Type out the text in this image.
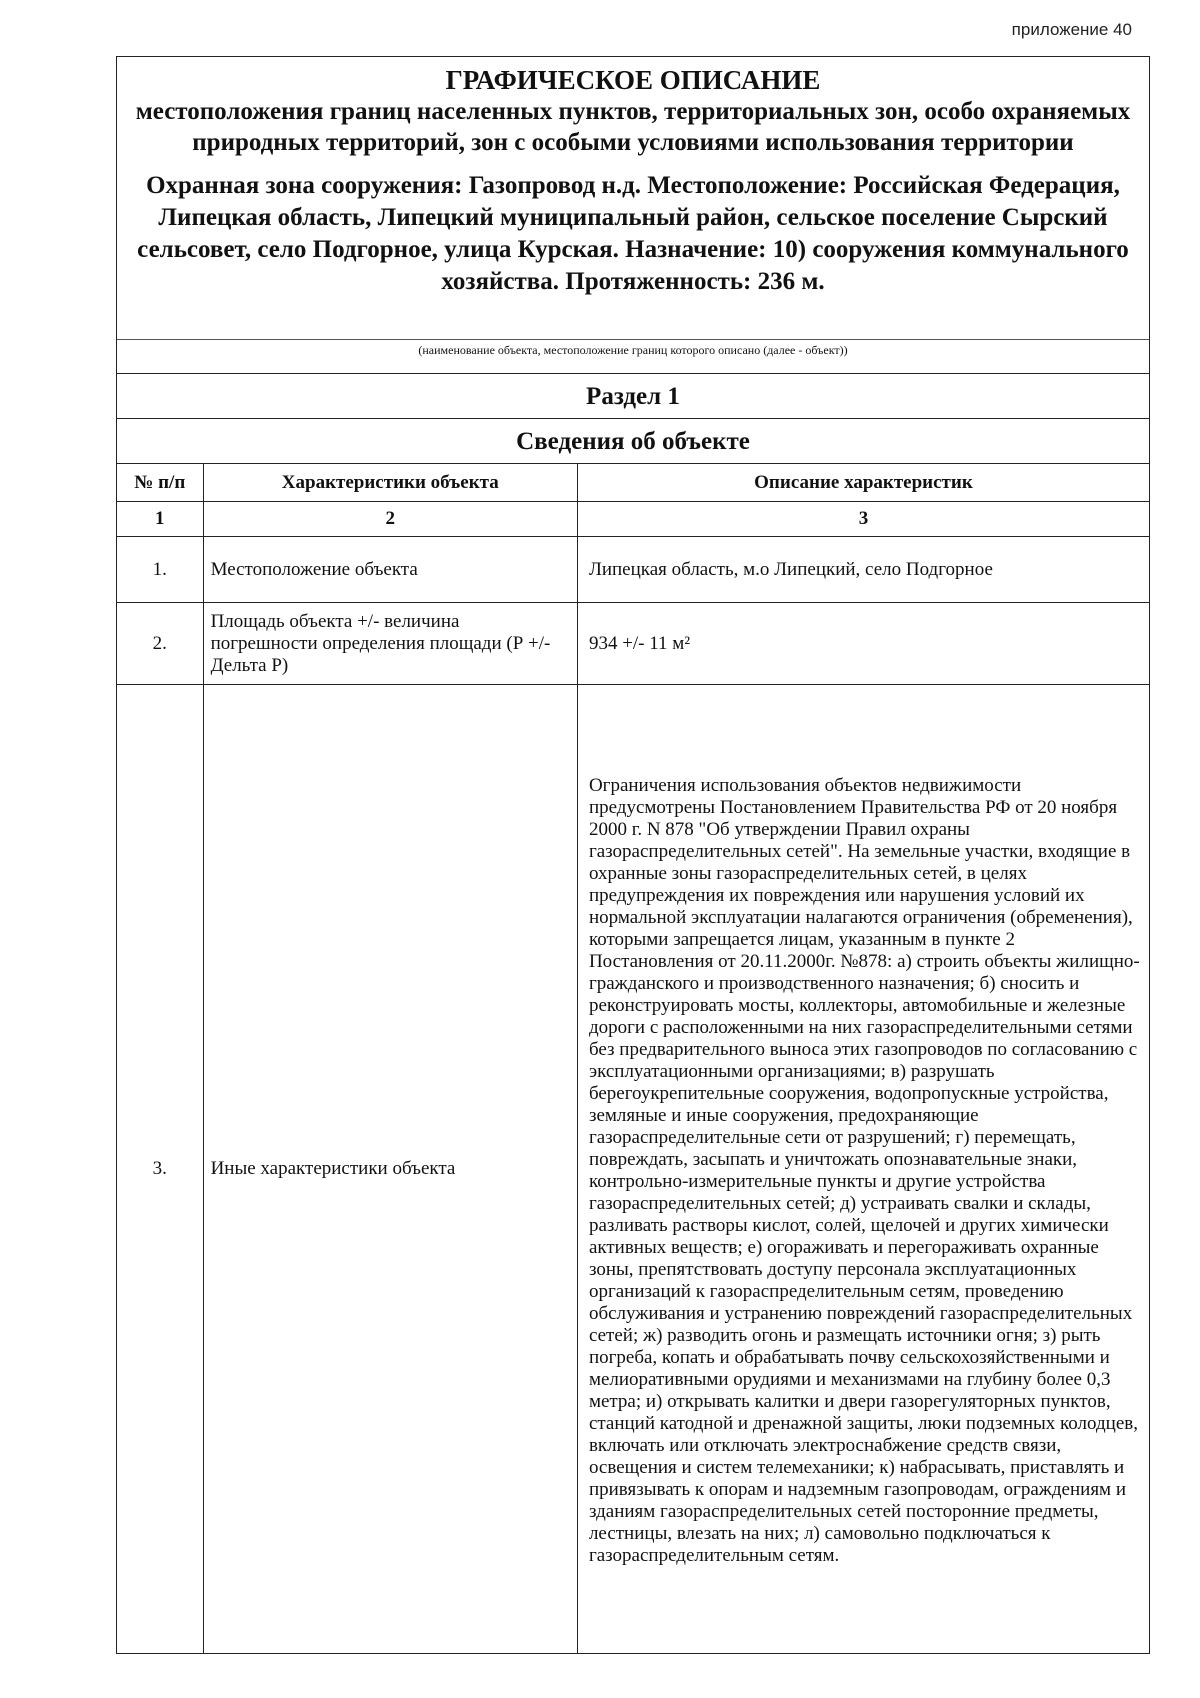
приложение 40
ГРАФИЧЕСКОЕ ОПИСАНИЕ
местоположения границ населенных пунктов, территориальных зон, особо охраняемых природных территорий, зон с особыми условиями использования территории
Охранная зона сооружения: Газопровод н.д. Местоположение: Российская Федерация, Липецкая область, Липецкий муниципальный район, сельское поселение Сырский сельсовет, село Подгорное, улица Курская. Назначение: 10) сооружения коммунального хозяйства. Протяженность: 236 м.
(наименование объекта, местоположение границ которого описано (далее - объект))
Раздел 1
Сведения об объекте
№ п/п	Характеристики объекта	Описание характеристик
1	2	3
1.	Местоположение объекта	Липецкая область, м.о Липецкий, село Подгорное
2.	Площадь объекта +/- величина погрешности определения площади (Р +/- Дельта Р)	934 +/- 11 м²
3.	Иные характеристики объекта	Ограничения использования объектов недвижимости предусмотрены Постановлением Правительства РФ от 20 ноября 2000 г. N 878 "Об утверждении Правил охраны газораспределительных сетей". На земельные участки, входящие в охранные зоны газораспределительных сетей, в целях предупреждения их повреждения или нарушения условий их нормальной эксплуатации налагаются ограничения (обременения), которыми запрещается лицам, указанным в пункте 2 Постановления от 20.11.2000г. №878: а) строить объекты жилищно-гражданского и производственного назначения; б) сносить и реконструировать мосты, коллекторы, автомобильные и железные дороги с расположенными на них газораспределительными сетями без предварительного выноса этих газопроводов по согласованию с эксплуатационными организациями; в) разрушать берегоукрепительные сооружения, водопропускные устройства, земляные и иные сооружения, предохраняющие газораспределительные сети от разрушений; г) перемещать, повреждать, засыпать и уничтожать опознавательные знаки, контрольно-измерительные пункты и другие устройства газораспределительных сетей; д) устраивать свалки и склады, разливать растворы кислот, солей, щелочей и других химически активных веществ; е) огораживать и перегораживать охранные зоны, препятствовать доступу персонала эксплуатационных организаций к газораспределительным сетям, проведению обслуживания и устранению повреждений газораспределительных сетей; ж) разводить огонь и размещать источники огня; з) рыть погреба, копать и обрабатывать почву сельскохозяйственными и мелиоративными орудиями и механизмами на глубину более 0,3 метра; и) открывать калитки и двери газорегуляторных пунктов, станций катодной и дренажной защиты, люки подземных колодцев, включать или отключать электроснабжение средств связи, освещения и систем телемеханики; к) набрасывать, приставлять и привязывать к опорам и надземным газопроводам, ограждениям и зданиям газораспределительных сетей посторонние предметы, лестницы, влезать на них; л) самовольно подключаться к газораспределительным сетям.
